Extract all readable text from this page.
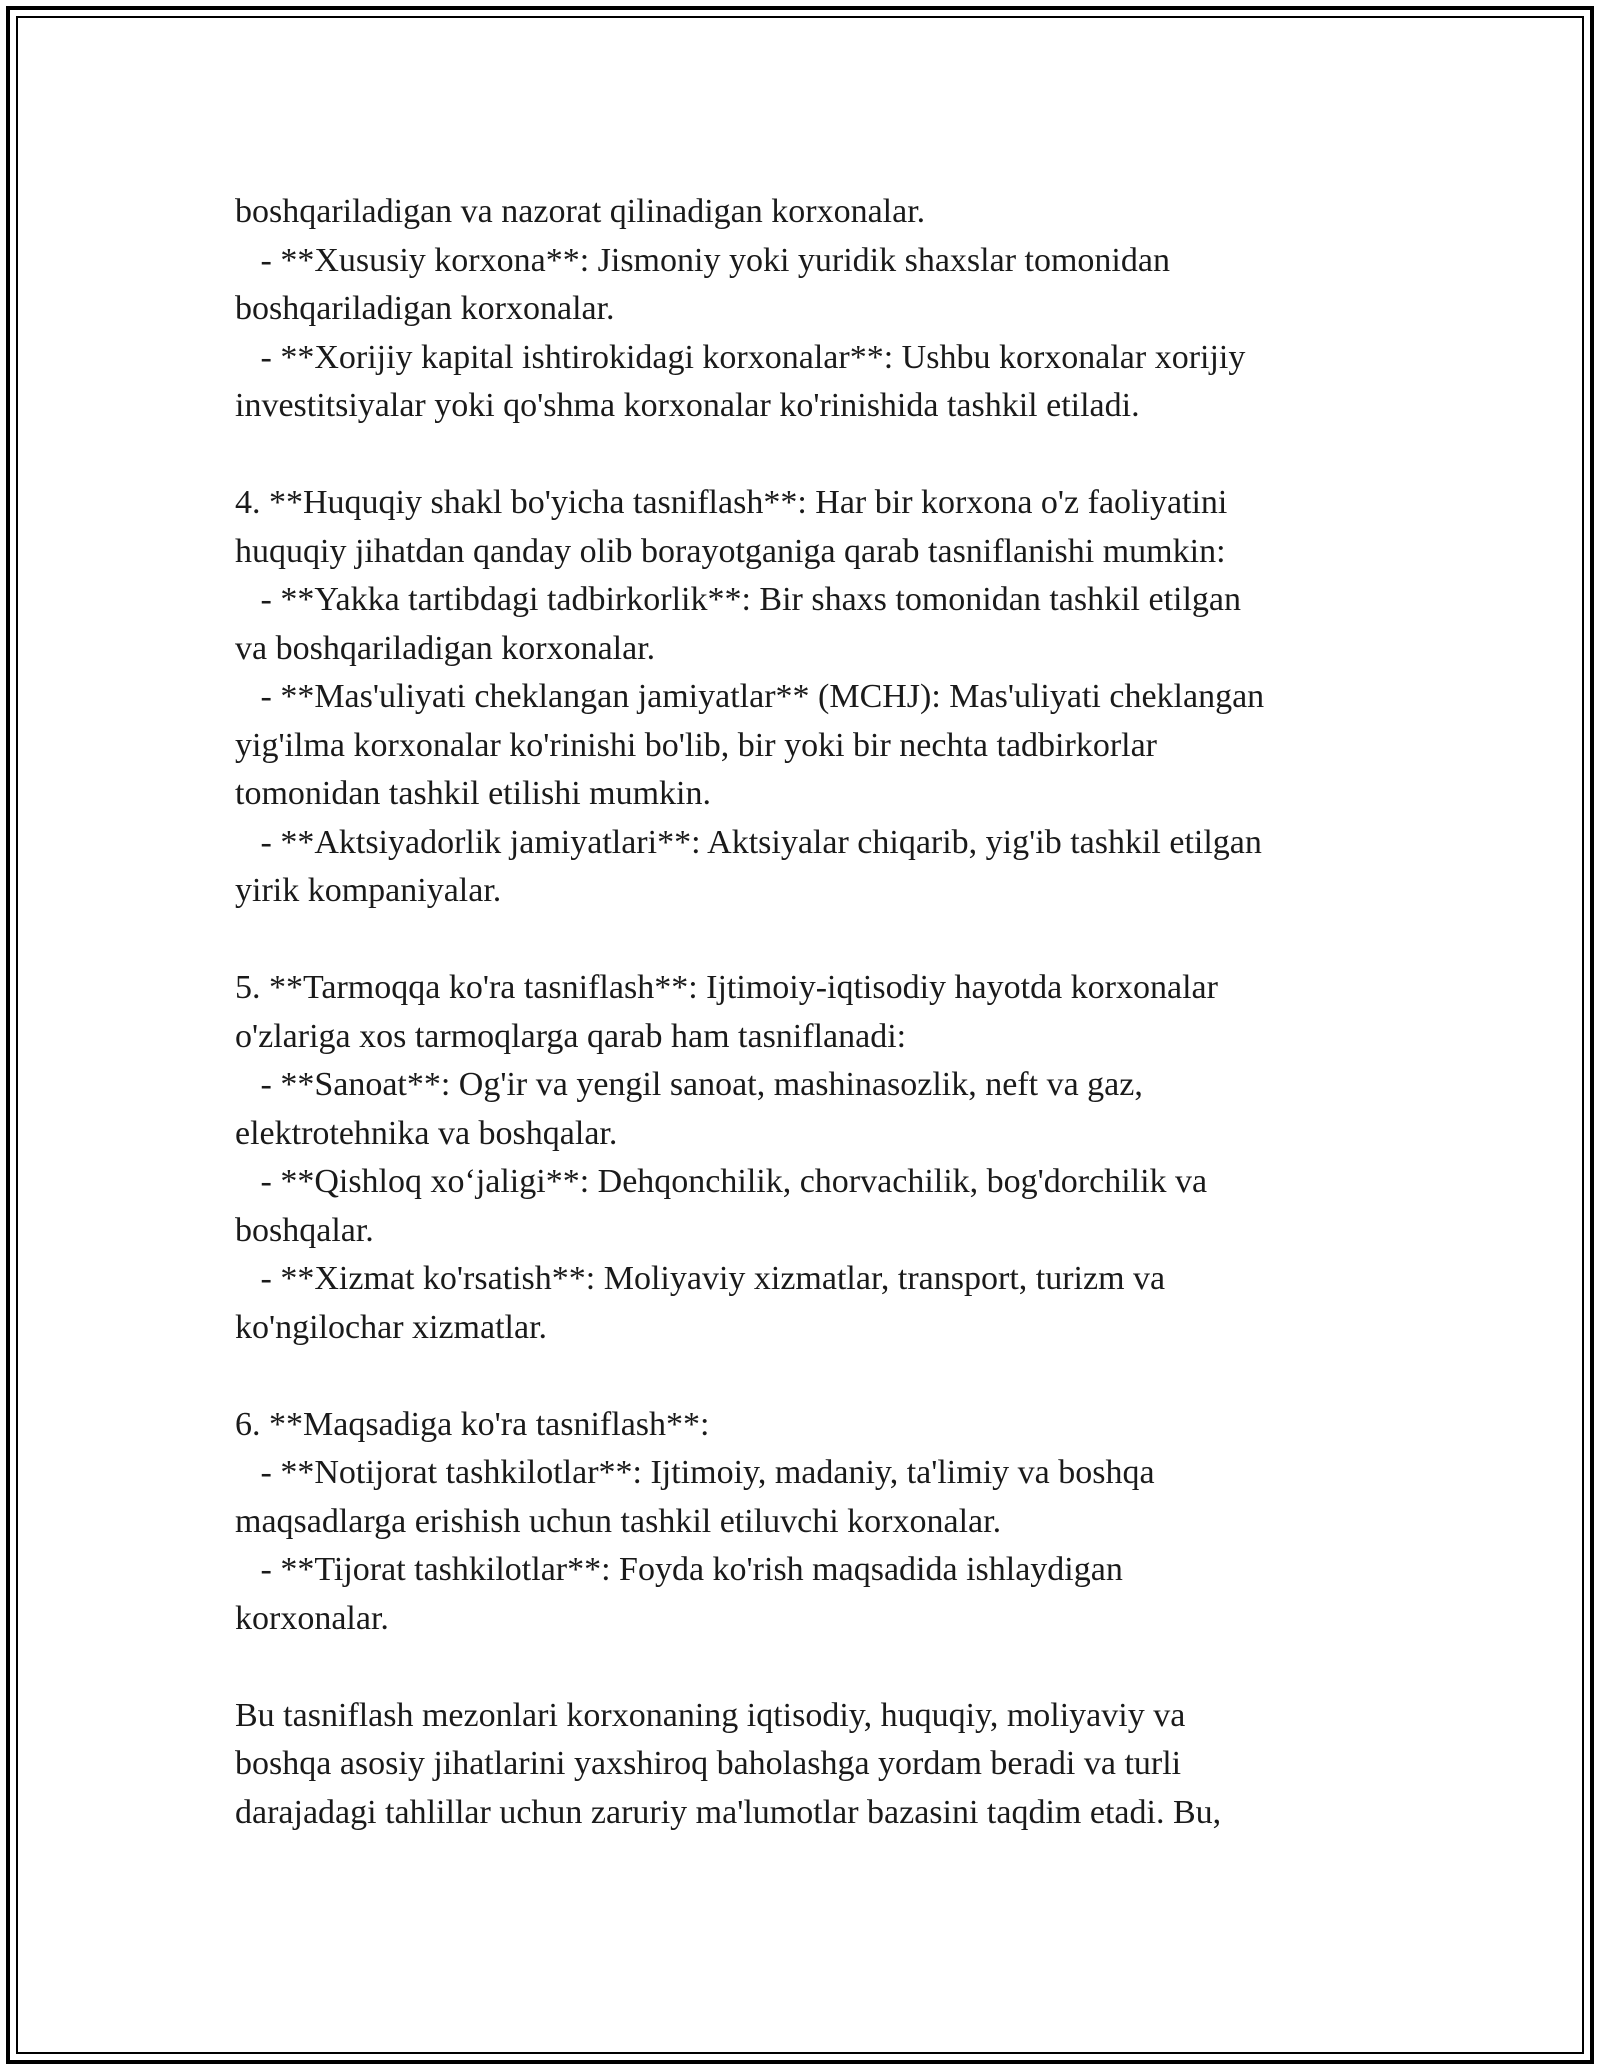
boshqariladigan va nazorat qilinadigan korxonalar.
- **Xususiy korxona**: Jismoniy yoki yuridik shaxslar tomonidan
boshqariladigan korxonalar.
- **Xorijiy kapital ishtirokidagi korxonalar**: Ushbu korxonalar xorijiy
investitsiyalar yoki qo'shma korxonalar ko'rinishida tashkil etiladi.
4. **Huquqiy shakl bo'yicha tasniflash**: Har bir korxona o'z faoliyatini
huquqiy jihatdan qanday olib borayotganiga qarab tasniflanishi mumkin:
- **Yakka tartibdagi tadbirkorlik**: Bir shaxs tomonidan tashkil etilgan
va boshqariladigan korxonalar.
- **Mas'uliyati cheklangan jamiyatlar** (MCHJ): Mas'uliyati cheklangan
yig'ilma korxonalar ko'rinishi bo'lib, bir yoki bir nechta tadbirkorlar
tomonidan tashkil etilishi mumkin.
- **Aktsiyadorlik jamiyatlari**: Aktsiyalar chiqarib, yig'ib tashkil etilgan
yirik kompaniyalar.
5. **Tarmoqqa ko'ra tasniflash**: Ijtimoiy-iqtisodiy hayotda korxonalar
o'zlariga xos tarmoqlarga qarab ham tasniflanadi:
- **Sanoat**: Og'ir va yengil sanoat, mashinasozlik, neft va gaz,
elektrotehnika va boshqalar.
- **Qishloq xo‘jaligi**: Dehqonchilik, chorvachilik, bog'dorchilik va
boshqalar.
- **Xizmat ko'rsatish**: Moliyaviy xizmatlar, transport, turizm va
ko'ngilochar xizmatlar.
6. **Maqsadiga ko'ra tasniflash**:
- **Notijorat tashkilotlar**: Ijtimoiy, madaniy, ta'limiy va boshqa
maqsadlarga erishish uchun tashkil etiluvchi korxonalar.
- **Tijorat tashkilotlar**: Foyda ko'rish maqsadida ishlaydigan
korxonalar.
Bu tasniflash mezonlari korxonaning iqtisodiy, huquqiy, moliyaviy va
boshqa asosiy jihatlarini yaxshiroq baholashga yordam beradi va turli
darajadagi tahlillar uchun zaruriy ma'lumotlar bazasini taqdim etadi. Bu,
